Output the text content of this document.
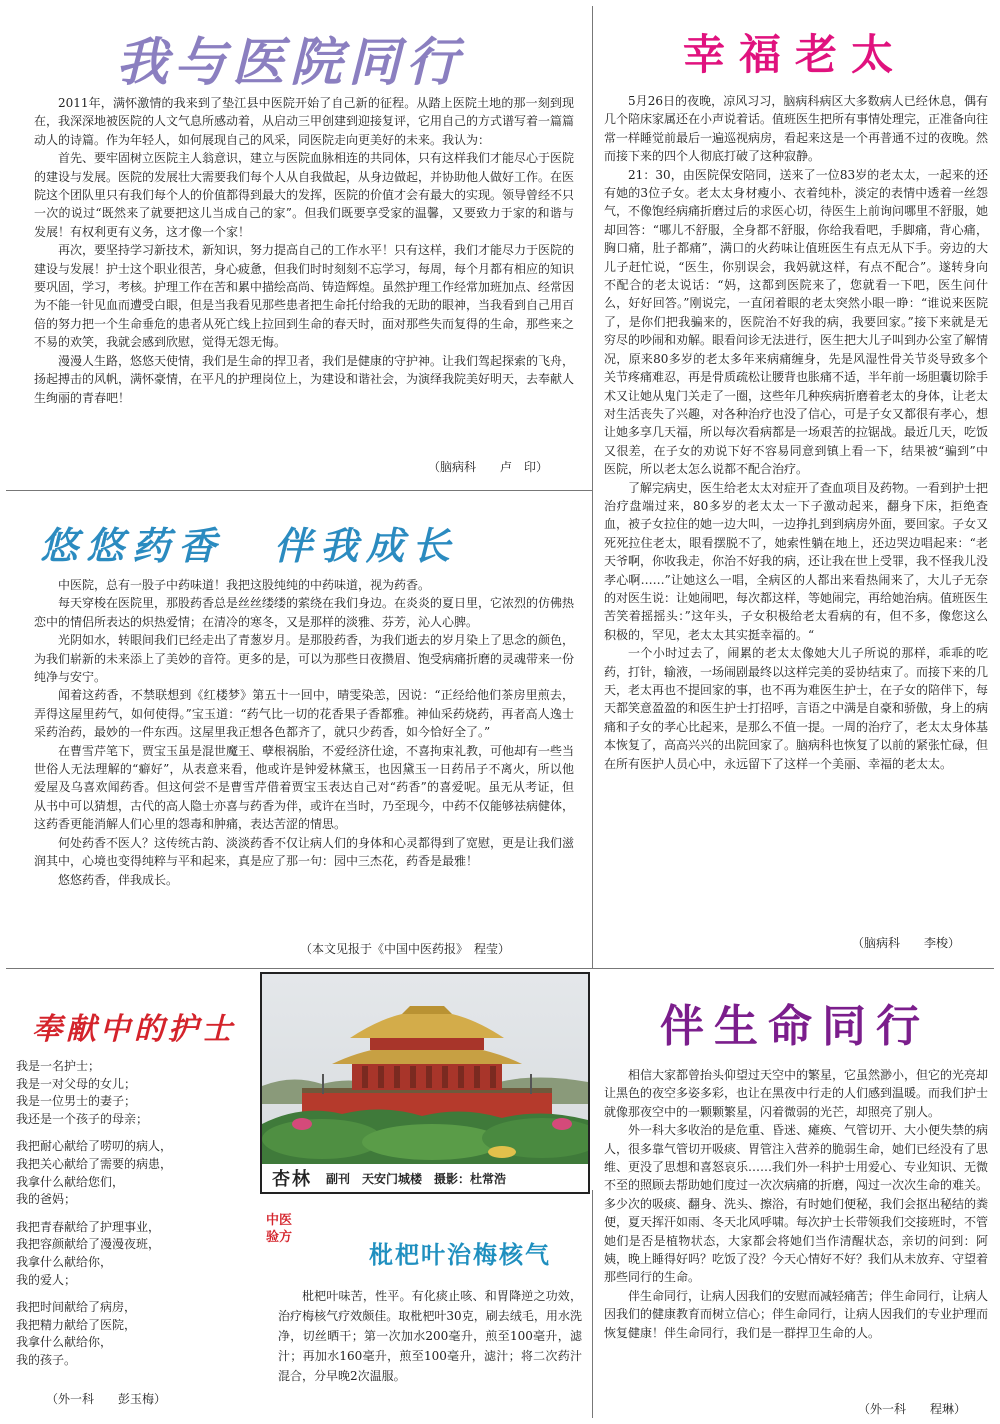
我与医院同行

2011年，满怀激情的我来到了垫江县中医院开始了自己新的征程。从踏上医院土地的那一刻到现在，我深深地被医院的人文气息所感动着，从启动三甲创建到迎接复评，它用自己的方式谱写着一篇篇动人的诗篇。作为年轻人，如何展现自己的风采，同医院走向更美好的未来。我认为：

首先、要牢固树立医院主人翁意识，建立与医院血脉相连的共同体，只有这样我们才能尽心于医院的建设与发展。医院的发展壮大需要我们每个人从自我做起，从身边做起，并协助他人做好工作。在医院这个团队里只有我们每个人的价值都得到最大的发挥，医院的价值才会有最大的实现。领导曾经不只一次的说过“既然来了就要把这儿当成自己的家”。但我们既要享受家的温馨，又要致力于家的和谐与发展！有权利更有义务，这才像一个家！

再次，要坚持学习新技术，新知识，努力提高自己的工作水平！只有这样，我们才能尽力于医院的建设与发展！护士这个职业很苦，身心疲惫，但我们时时刻刻不忘学习，每周，每个月都有相应的知识要巩固，学习，考核。护理工作在苦和累中描绘高尚、铸造辉煌。虽然护理工作经常加班加点、经常因为不能一针见血而遭受白眼，但是当我看见那些患者把生命托付给我的无助的眼神，当我看到自己用百倍的努力把一个生命垂危的患者从死亡线上拉回到生命的春天时，面对那些失而复得的生命，那些来之不易的欢笑，我就会感到欣慰，觉得无怨无悔。

漫漫人生路，悠悠天使情，我们是生命的捍卫者，我们是健康的守护神。让我们驾起探索的飞舟，扬起搏击的风帆，满怀豪情，在平凡的护理岗位上，为建设和谐社会，为演绎我院美好明天，去奉献人生绚丽的青春吧！

（脑病科　　卢　印）
悠悠药香 伴我成长

中医院，总有一股子中药味道！我把这股纯纯的中药味道，视为药香。

每天穿梭在医院里，那股药香总是丝丝缕缕的萦绕在我们身边。在炎炎的夏日里，它浓烈的仿佛热恋中的情侣所表达的炽热爱情；在清冷的寒冬，又是那样的淡雅、芬芳，沁人心脾。

光阴如水，转眼间我们已经走出了青葱岁月。是那股药香，为我们逝去的岁月染上了思念的颜色，为我们崭新的未来添上了美妙的音符。更多的是，可以为那些日夜攒眉、饱受病痛折磨的灵魂带来一份纯净与安宁。

闻着这药香，不禁联想到《红楼梦》第五十一回中，晴雯染恙，因说：“正经给他们茶房里煎去，弄得这屋里药气，如何使得。”宝玉道：“药气比一切的花香果子香都雅。神仙采药烧药，再者高人逸士采药治药，最妙的一件东西。这屋里我正想各色都齐了，就只少药香，如今恰好全了。”

在曹雪芹笔下，贾宝玉虽是混世魔王、孽根祸胎，不爱经济仕途，不喜拘束礼教，可他却有一些当世俗人无法理解的“癖好”，从表意来看，他或许是钟爱林黛玉，也因黛玉一日药吊子不离火，所以他爱屋及乌喜欢闻药香。但这何尝不是曹雪芹借着贾宝玉表达自己对“药香”的喜爱呢。虽无从考证，但从书中可以猜想，古代的高人隐士亦喜与药香为伴，或许在当时，乃至现今，中药不仅能够祛病健体，这药香更能消解人们心里的怨毒和肿痛，表达苦涩的情思。

何处药香不医人？这传统古韵、淡淡药香不仅让病人们的身体和心灵都得到了宽慰，更是让我们滋润其中，心境也变得纯粹与平和起来，真是应了那一句：园中三杰花，药香是最雅！

悠悠药香，伴我成长。

（本文见报于《中国中医药报》　程莹）
幸福老太

5月26日的夜晚，凉风习习，脑病科病区大多数病人已经休息，偶有几个陪床家属还在小声说着话。值班医生把所有事情处理完，正准备向往常一样睡觉前最后一遍巡视病房，看起来这是一个再普通不过的夜晚。然而接下来的四个人彻底打破了这种寂静。

21：30，由医院保安陪同，送来了一位83岁的老太太，一起来的还有她的3位子女。老太太身材瘦小、衣着纯朴，淡定的表情中透着一丝怨气，不像饱经病痛折磨过后的求医心切，待医生上前询问哪里不舒服，她却回答：“哪儿不舒服，全身都不舒服，你给我看吧，手脚痛，背心痛，胸口痛，肚子都痛”，满口的火药味让值班医生有点无从下手。旁边的大儿子赶忙说，“医生，你别误会，我妈就这样，有点不配合”。遂转身向不配合的老太说话：“妈，这都到医院来了，您就看一下吧，医生问什么，好好回答。”刚说完，一直闭着眼的老太突然小眼一睁：“谁说来医院了，是你们把我骗来的，医院治不好我的病，我要回家。”接下来就是无穷尽的吵闹和劝解。眼看问诊无法进行，医生把大儿子叫到办公室了解情况，原来80多岁的老太多年来病痛缠身，先是风湿性骨关节炎导致多个关节疼痛难忍，再是骨质疏松让腰背也胀痛不适，半年前一场胆囊切除手术又让她从鬼门关走了一圈，这些年几种疾病折磨着老太的身体，让老太对生活丧失了兴趣，对各种治疗也没了信心，可是子女又都很有孝心，想让她多享几天福，所以每次看病都是一场艰苦的拉锯战。最近几天，吃饭又很差，在子女的劝说下好不容易同意到镇上看一下，结果被“骗到”中医院，所以老太怎么说都不配合治疗。

了解完病史，医生给老太太对症开了查血项目及药物。一看到护士把治疗盘端过来，80多岁的老太太一下子激动起来，翻身下床，拒绝查血，被子女拉住的她一边大叫，一边挣扎到到病房外面，要回家。子女又死死拉住老太，眼看摆脱不了，她索性躺在地上，还边哭边唱起来：“老天爷啊，你收我走，你治不好我的病，还让我在世上受罪，我不怪我儿没孝心啊……”让她这么一唱，全病区的人都出来看热闹来了，大儿子无奈的对医生说：让她闹吧，每次都这样，等她闹完，再给她治病。值班医生苦笑着摇摇头：”这年头，子女积极给老太看病的有，但不多，像您这么积极的，罕见，老太太其实挺幸福的。“

一个小时过去了，闹累的老太太像她大儿子所说的那样，乖乖的吃药，打针，输液，一场闹剧最终以这样完美的妥协结束了。而接下来的几天，老太再也不提回家的事，也不再为难医生护士，在子女的陪伴下，每天都笑意盈盈的和医生护士打招呼，言语之中满是自豪和骄傲，身上的病痛和子女的孝心比起来，是那么不值一提。一周的治疗了，老太太身体基本恢复了，高高兴兴的出院回家了。脑病科也恢复了以前的紧张忙碌，但在所有医护人员心中，永远留下了这样一个美丽、幸福的老太太。

（脑病科　　李梭）
奉献中的护士
我是一名护士；
我是一对父母的女儿；
我是一位男士的妻子；
我还是一个孩子的母亲；
我把耐心献给了唠叨的病人，
我把关心献给了需要的病患，
我拿什么献给您们，
我的爸妈；
我把青春献给了护理事业，
我把容颜献给了漫漫夜班，
我拿什么献给你，
我的爱人；
我把时间献给了病房，
我把精力献给了医院，
我拿什么献给你，
我的孩子。
（外一科　　彭玉梅）
杏林 副刊 天安门城楼 摄影：杜常浩
中医
验方
枇杷叶治梅核气

枇杷叶味苦，性平。有化痰止咳、和胃降逆之功效，治疗梅核气疗效颇佳。取枇杷叶30克，刷去绒毛，用水洗净，切丝晒干；第一次加水200毫升，煎至100毫升，滤汁；再加水160毫升，煎至100毫升，滤汁；将二次药汁混合，分早晚2次温服。

伴生命同行

相信大家都曾抬头仰望过天空中的繁星，它虽然渺小，但它的光亮却让黑色的夜空多姿多彩，也让在黑夜中行走的人们感到温暖。而我们护士就像那夜空中的一颗颗繁星，闪着微弱的光芒，却照亮了别人。

外一科大多收治的是危重、昏迷、瘫痪、气管切开、大小便失禁的病人，很多靠气管切开吸痰、胃管注入营养的脆弱生命，她们已经没有了思维、更没了思想和喜怒哀乐……我们外一科护士用爱心、专业知识、无微不至的照顾去帮助她们度过一次次病痛的折磨，闯过一次次生命的难关。多少次的吸痰、翻身、洗头、擦浴，有时她们便秘，我们会抠出秘结的粪便，夏天挥汗如雨、冬天北风呼啸。每次护士长带领我们交接班时，不管她们是否是植物状态，大家都会将她们当作清醒状态，亲切的问到：阿姨，晚上睡得好吗？吃饭了没？今天心情好不好？我们从未放弃、守望着那些同行的生命。

伴生命同行，让病人因我们的安慰而减轻痛苦；伴生命同行，让病人因我们的健康教育而树立信心；伴生命同行，让病人因我们的专业护理而恢复健康！伴生命同行，我们是一群捍卫生命的人。

（外一科　　程琳）
